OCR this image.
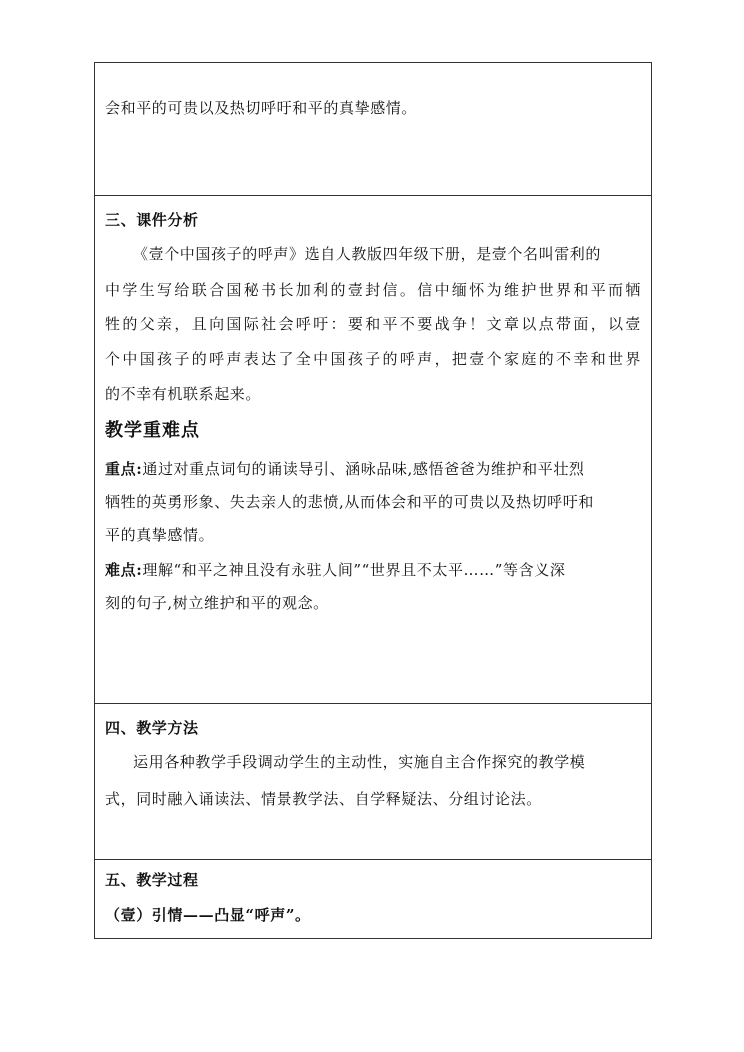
会和平的可贵以及热切呼吁和平的真挚感情。
三、课件分析
《壹个中国孩子的呼声》选自人教版四年级下册，是壹个名叫雷利的
中学生写给联合国秘书长加利的壹封信。信中缅怀为维护世界和平而牺
牲的父亲，且向国际社会呼吁：要和平不要战争！文章以点带面，以壹
个中国孩子的呼声表达了全中国孩子的呼声，把壹个家庭的不幸和世界
的不幸有机联系起来。
教学重难点
重点:通过对重点词句的诵读导引、涵咏品味,感悟爸爸为维护和平壮烈
牺牲的英勇形象、失去亲人的悲愤,从而体会和平的可贵以及热切呼吁和
平的真挚感情。
难点:理解“和平之神且没有永驻人间”“世界且不太平……”等含义深
刻的句子,树立维护和平的观念。
四、教学方法
运用各种教学手段调动学生的主动性，实施自主合作探究的教学模
式，同时融入诵读法、情景教学法、自学释疑法、分组讨论法。
五、教学过程
（壹）引情——凸显“呼声”。
